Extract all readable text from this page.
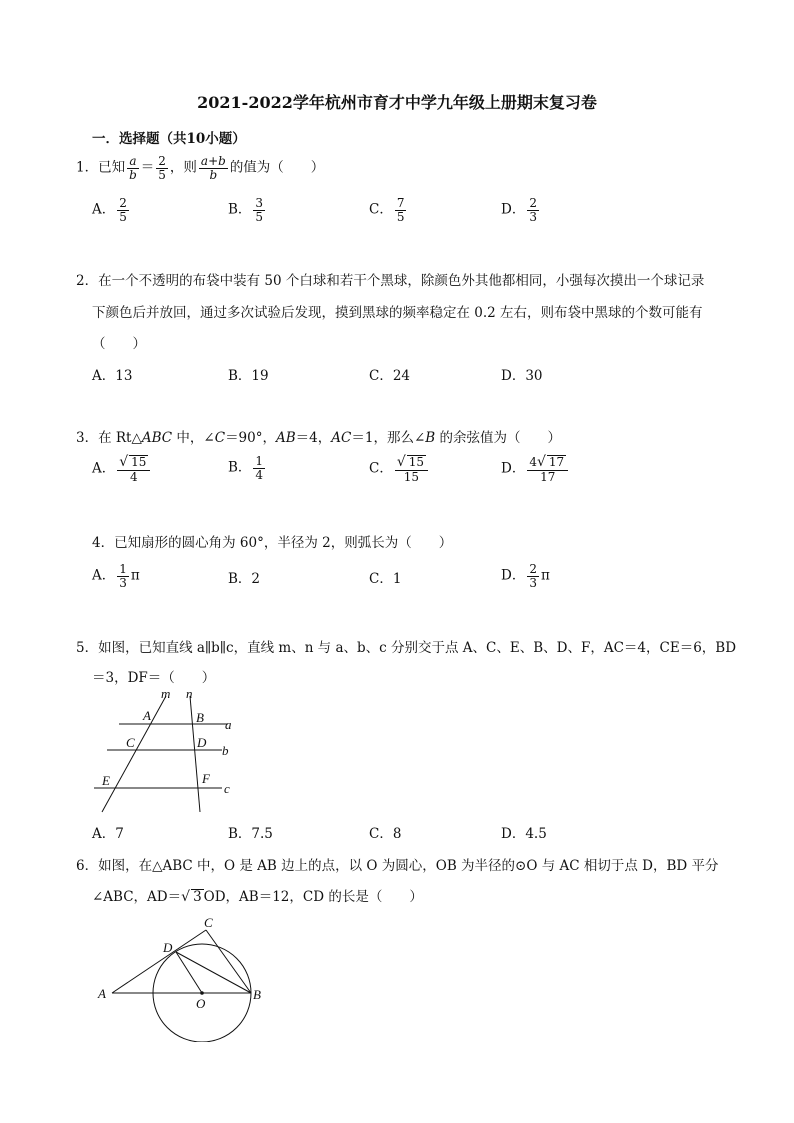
2021-2022学年杭州市育才中学九年级上册期末复习卷
一．选择题（共10小题）
1．已知 $\frac{a}{b} = \frac{2}{5}$ ，则 $\frac{a+b}{b}$ 的值为（　　）
A． $\frac{2}{5}$	B． $\frac{3}{5}$	C． $\frac{7}{5}$	D． $\frac{2}{3}$
2．在一个不透明的布袋中装有 50 个白球和若干个黑球，除颜色外其他都相同，小强每次摸出一个球记录
下颜色后并放回，通过多次试验后发现，摸到黑球的频率稳定在 0.2 左右，则布袋中黑球的个数可能有
（　　）
A．13	B．19	C．24	D．30
3．在 Rt△ABC 中，∠C＝90°，AB＝4，AC＝1，那么∠B 的余弦值为（　　）
A． $\frac{√ 15}{4}$	B． $\frac{1}{4}$	C． $\frac{√ 15}{15}$	D． $\frac{4√ 17}{17}$
4．已知扇形的圆心角为 60°，半径为 2，则弧长为（　　）
A． $\frac{1}{3}$ π	B．2	C．1	D． $\frac{2}{3}$ π
5．如图，已知直线 a∥b∥c，直线 m、n 与 a、b、c 分别交于点 A、C、E、B、D、F，AC＝4，CE＝6，BD
＝3，DF＝（　　）
m n
A	B a
C	D
b
E	F
c
A．7	B．7.5	C．8	D．4.5
6．如图，在△ABC 中，O 是 AB 边上的点，以 O 为圆心，OB 为半径的⊙O 与 AC 相切于点 D，BD 平分
∠ABC，AD＝√ 3 OD，AB＝12，CD 的长是（　　）
A	B
C
D
O
